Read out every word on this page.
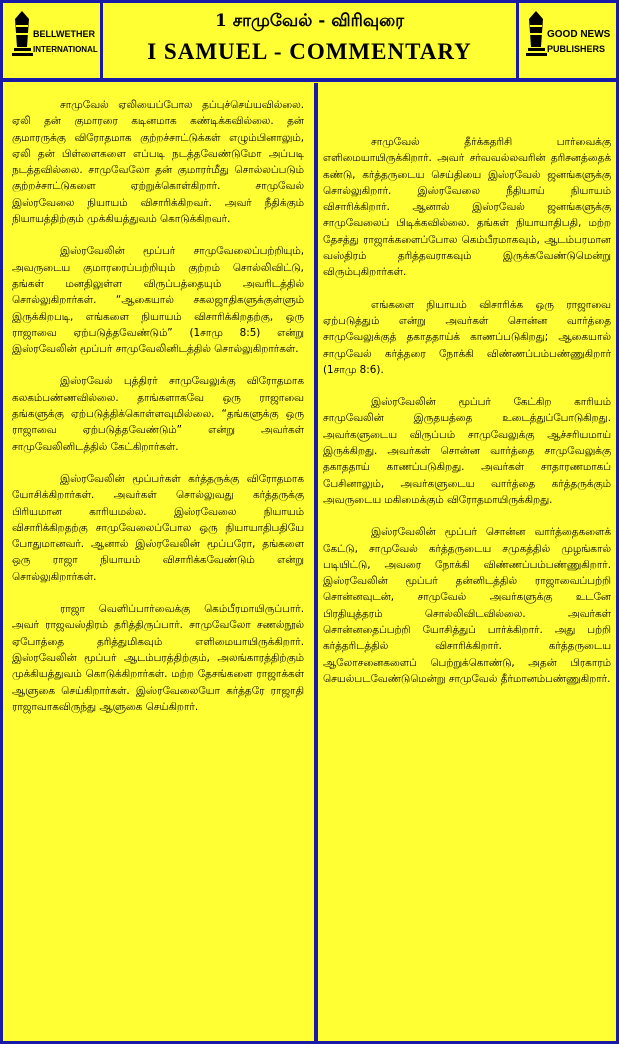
BELLWETHER
INTERNATIONAL
1 சாமுவேல் - விரிவுரை
I SAMUEL - COMMENTARY
GOOD NEWS
PUBLISHERS

சாமுவேல் ஏலியைப்போல தப்புச்செய்யவில்லை. ஏலி தன் குமாரரை கடினமாக கண்டிக்கவில்லை. தன் குமாரருக்கு விரோதமாக குற்றச்சாட்டுக்கள் எழும்பினாலும், ஏலி தன் பிள்ளைகளை எப்படி நடத்தவேண்டுமோ அப்படி நடத்தவில்லை. சாமுவேலோ தன் குமாரர்மீது சொல்லப்படும் குற்றச்சாட்டுகளை ஏற்றுக்கொள்கிறார். சாமுவேல் இஸ்ரவேலை நியாயம் விசாரிக்கிறவர். அவர் நீதிக்கும் நியாயத்திற்கும் முக்கியத்துவம் கொடுக்கிறவர்.

இஸ்ரவேலின் மூப்பர் சாமுவேலைப்பற்றியும், அவருடைய குமாரரைப்பற்றியும் குற்றம் சொல்லிவிட்டு, தங்கள் மனதிலுள்ள விருப்பத்தையும் அவரிடத்தில் சொல்லுகிறார்கள். “ஆகையால் சகலஜாதிகளுக்குள்ளும் இருக்கிறபடி, எங்களை நியாயம் விசாரிக்கிறதற்கு, ஒரு ராஜாவை ஏற்படுத்தவேண்டும்” (1சாமு 8:5) என்று இஸ்ரவேலின் மூப்பர் சாமுவேலினிடத்தில் சொல்லுகிறார்கள்.

இஸ்ரவேல் புத்திரர் சாமுவேலுக்கு விரோதமாக கலகம்பண்ணவில்லை. தாங்களாகவே ஒரு ராஜாவை தங்களுக்கு ஏற்படுத்திக்கொள்ளவுமில்லை. “தங்களுக்கு ஒரு ராஜாவை ஏற்படுத்தவேண்டும்” என்று அவர்கள் சாமுவேலினிடத்தில் கேட்கிறார்கள்.

இஸ்ரவேலின் மூப்பர்கள் கர்த்தருக்கு விரோதமாக யோசிக்கிறார்கள். அவர்கள் சொல்லுவது கர்த்தருக்கு பிரியமான காரியமல்ல. இஸ்ரவேலை நியாயம் விசாரிக்கிறதற்கு சாமுவேலைப்போல ஒரு நியாயாதிபதியே போதுமானவர். ஆனால் இஸ்ரவேலின் மூப்பரோ, தங்களை ஒரு ராஜா நியாயம் விசாரிக்கவேண்டும் என்று சொல்லுகிறார்கள்.

ராஜா வெளிப்பார்வைக்கு கெம்பீரமாயிருப்பார். அவர் ராஜவஸ்திரம் தரித்திருப்பார். சாமுவேலோ சணல்நூல் ஏபோத்தை தரித்துமிகவும் எளிமையாயிருக்கிறார். இஸ்ரவேலின் மூப்பர் ஆடம்பரத்திற்கும், அலங்காரத்திற்கும் முக்கியத்துவம் கொடுக்கிறார்கள். மற்ற தேசங்களை ராஜாக்கள் ஆளுகை செய்கிறார்கள். இஸ்ரவேலையோ கர்த்தரே ராஜாதி ராஜாவாகவிருந்து ஆளுகை செய்கிறார்.

சாமுவேல் தீர்க்கதரிசி பார்வைக்கு எளிமையாயிருக்கிறார். அவர் சர்வவல்லவரின் தரிசனத்தைக் கண்டு, கர்த்தருடைய செய்தியை இஸ்ரவேல் ஜனங்களுக்கு சொல்லுகிறார். இஸ்ரவேலை நீதியாய் நியாயம் விசாரிக்கிறார். ஆனால் இஸ்ரவேல் ஜனங்களுக்கு சாமுவேலைப் பிடிக்கவில்லை. தங்கள் நியாயாதிபதி, மற்ற தேசத்து ராஜாக்களைப்போல கெம்பீரமாகவும், ஆடம்பரமான வஸ்திரம் தரித்தவராகவும் இருக்கவேண்டுமென்று விரும்புகிறார்கள்.

எங்களை நியாயம் விசாரிக்க ஒரு ராஜாவை ஏற்படுத்தும் என்று அவர்கள் சொன்ன வார்த்தை சாமுவேலுக்குத் தகாததாய்க் காணப்படுகிறது; ஆகையால் சாமுவேல் கர்த்தரை நோக்கி விண்ணப்பம்பண்ணுகிறார் (1சாமு 8:6).

இஸ்ரவேலின் மூப்பர் கேட்கிற காரியம் சாமுவேலின் இருதயத்தை உடைத்துப்போடுகிறது. அவர்களுடைய விருப்பம் சாமுவேலுக்கு ஆச்சரியமாய் இருக்கிறது. அவர்கள் சொன்ன வார்த்தை சாமுவேலுக்கு தகாததாய் காணப்படுகிறது. அவர்கள் சாதாரணமாகப் பேசினாலும், அவர்களுடைய வார்த்தை கர்த்தருக்கும் அவருடைய மகிமைக்கும் விரோதமாயிருக்கிறது.

இஸ்ரவேலின் மூப்பர் சொன்ன வார்த்தைகளைக் கேட்டு, சாமுவேல் கர்த்தருடைய சமுகத்தில் முழங்கால் படியிட்டு, அவரை நோக்கி விண்ணப்பம்பண்ணுகிறார். இஸ்ரவேலின் மூப்பர் தன்னிடத்தில் ராஜாவைப்பற்றி சொன்னவுடன், சாமுவேல் அவர்களுக்கு உடனே பிரதியுத்தரம் சொல்லிவிடவில்லை. அவர்கள் சொன்னதைப்பற்றி யோசித்துப் பார்க்கிறார். அது பற்றி கர்த்தரிடத்தில் விசாரிக்கிறார். கர்த்தருடைய ஆலோசனைகளைப் பெற்றுக்கொண்டு, அதன் பிரகாரம் செயல்படவேண்டுமென்று சாமுவேல் தீர்மானம்பண்ணுகிறார்.
